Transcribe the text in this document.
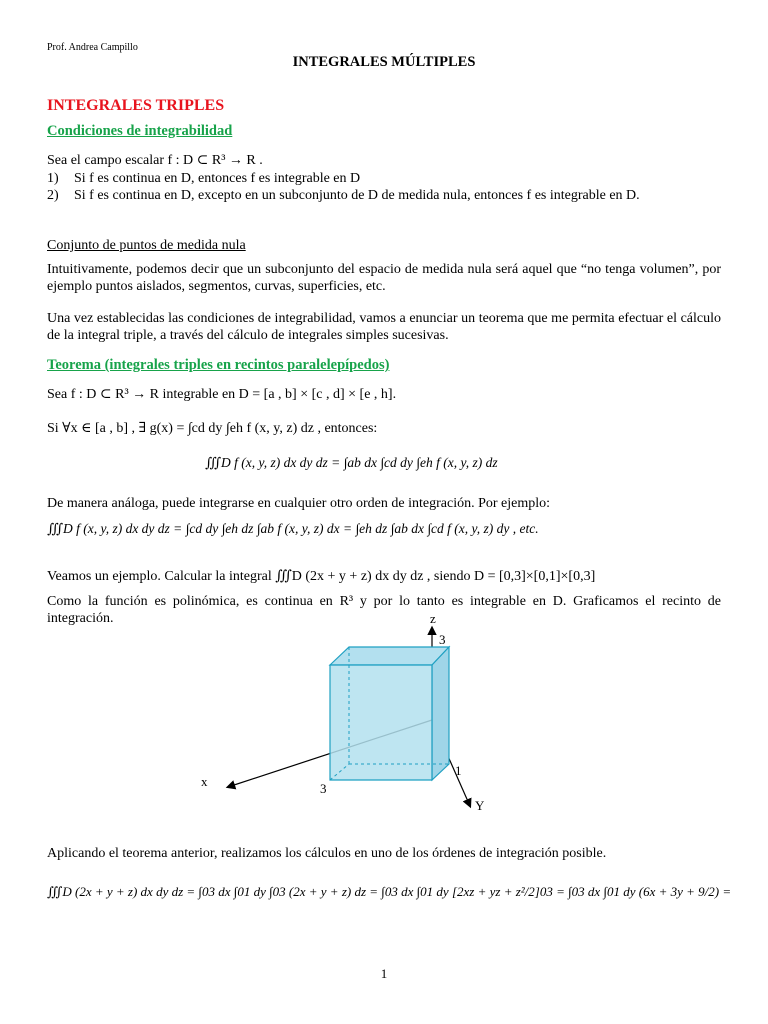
Prof. Andrea Campillo
INTEGRALES MÚLTIPLES
INTEGRALES TRIPLES
Condiciones de integrabilidad
Sea el campo escalar f : D ⊂ R³ → R .
1) Si f es continua en D, entonces f es integrable en D
2) Si f es continua en D, excepto en un subconjunto de D de medida nula, entonces f es integrable en D.
Conjunto de puntos de medida nula
Intuitivamente, podemos decir que un subconjunto del espacio de medida nula será aquel que “no tenga volumen”, por ejemplo puntos aislados, segmentos, curvas, superficies, etc.
Una vez establecidas las condiciones de integrabilidad, vamos a enunciar un teorema que me permita efectuar el cálculo de la integral triple, a través del cálculo de integrales simples sucesivas.
Teorema (integrales triples en recintos paralelepípedos)
Sea f : D ⊂ R³ → R integrable en D = [a , b] × [c , d] × [e , h].
Si ∀x ∈ [a , b] , ∃ g(x) = ∫cd dy ∫eh f (x, y, z) dz , entonces:
∭D f (x, y, z) dx dy dz = ∫ab dx ∫cd dy ∫eh f (x, y, z) dz
De manera análoga, puede integrarse en cualquier otro orden de integración. Por ejemplo:
∭D f (x, y, z) dx dy dz = ∫cd dy ∫eh dz ∫ab f (x, y, z) dx = ∫eh dz ∫ab dx ∫cd f (x, y, z) dy , etc.
Veamos un ejemplo. Calcular la integral ∭D (2x + y + z) dx dy dz , siendo D = [0,3]×[0,1]×[0,3]
Como la función es polinómica, es continua en R³ y por lo tanto es integrable en D. Graficamos el recinto de integración.	z
3
x	3
1
Y
Aplicando el teorema anterior, realizamos los cálculos en uno de los órdenes de integración posible.
∭D (2x + y + z) dx dy dz = ∫03 dx ∫01 dy ∫03 (2x + y + z) dz = ∫03 dx ∫01 dy [2xz + yz + z²/2]03 = ∫03 dx ∫01 dy (6x + 3y + 9/2) =
1
